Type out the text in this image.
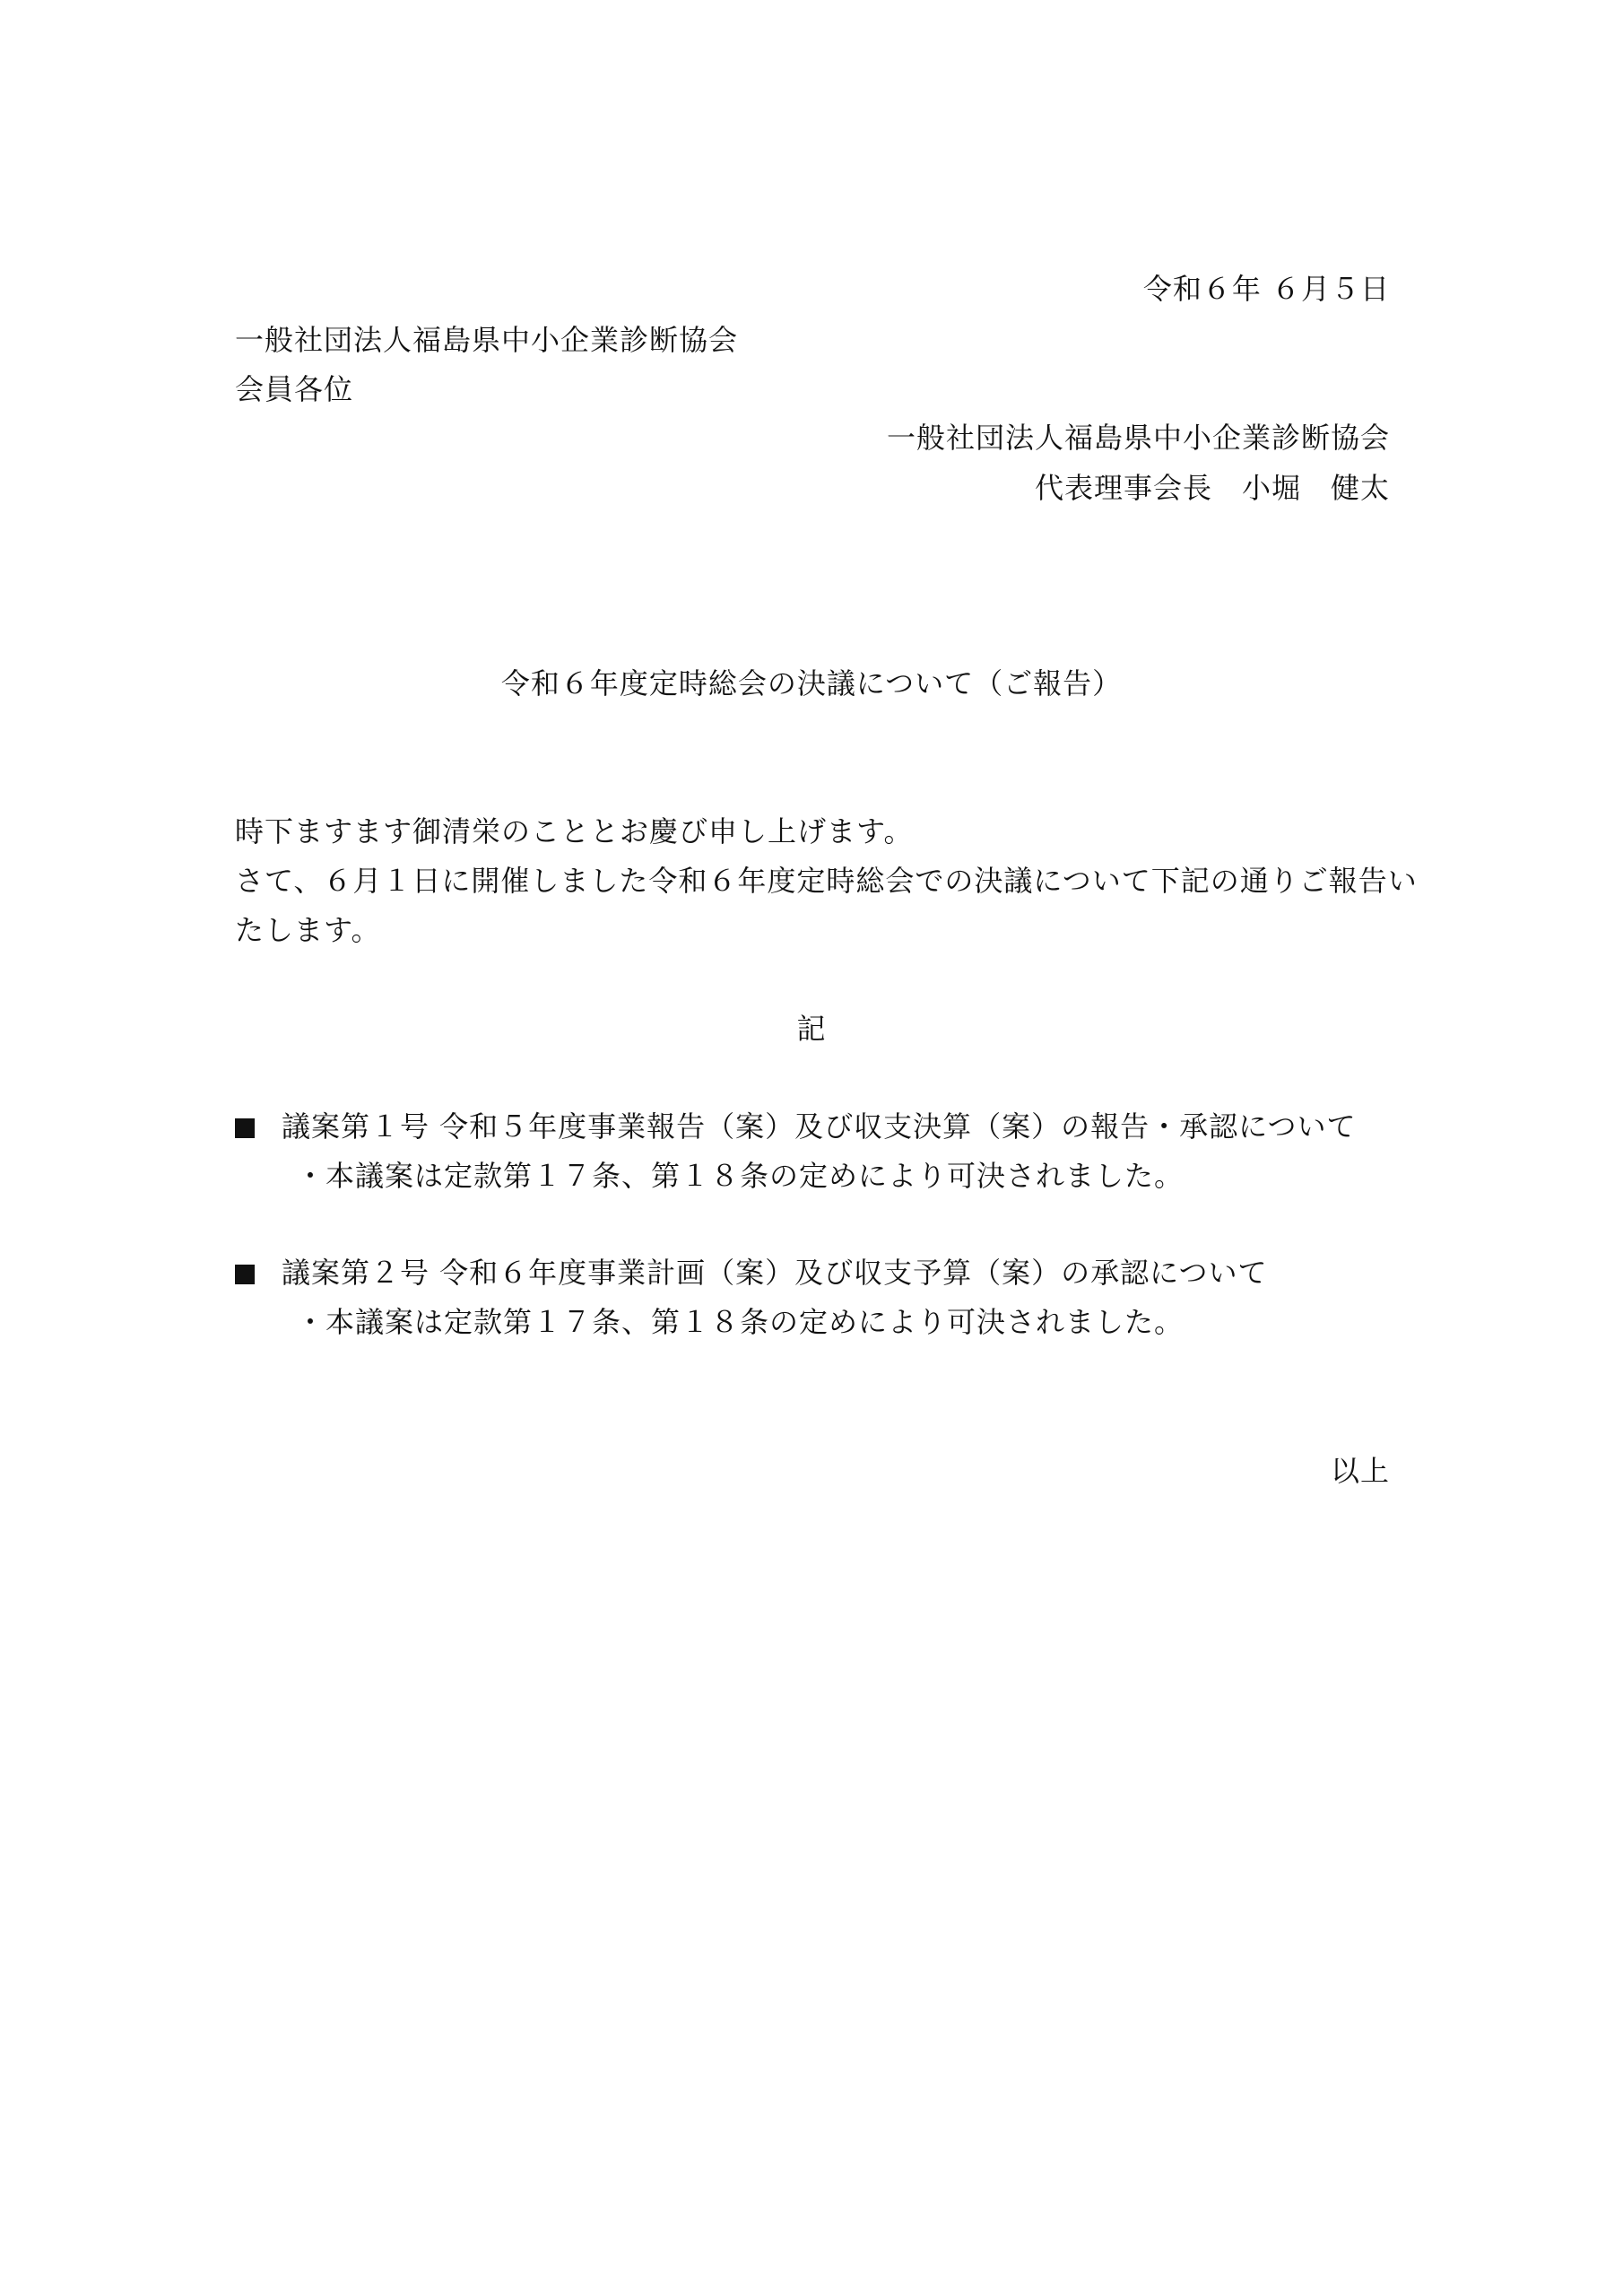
令和６年 ６月５日
一般社団法人福島県中小企業診断協会
会員各位
一般社団法人福島県中小企業診断協会
代表理事会長　小堀　健太
令和６年度定時総会の決議について（ご報告）
時下ますます御清栄のこととお慶び申し上げます。
さて、６月１日に開催しました令和６年度定時総会での決議について下記の通りご報告い
たします。
記
議案第１号 令和５年度事業報告（案）及び収支決算（案）の報告・承認について
・本議案は定款第１７条、第１８条の定めにより可決されました。
議案第２号 令和６年度事業計画（案）及び収支予算（案）の承認について
・本議案は定款第１７条、第１８条の定めにより可決されました。
以上
